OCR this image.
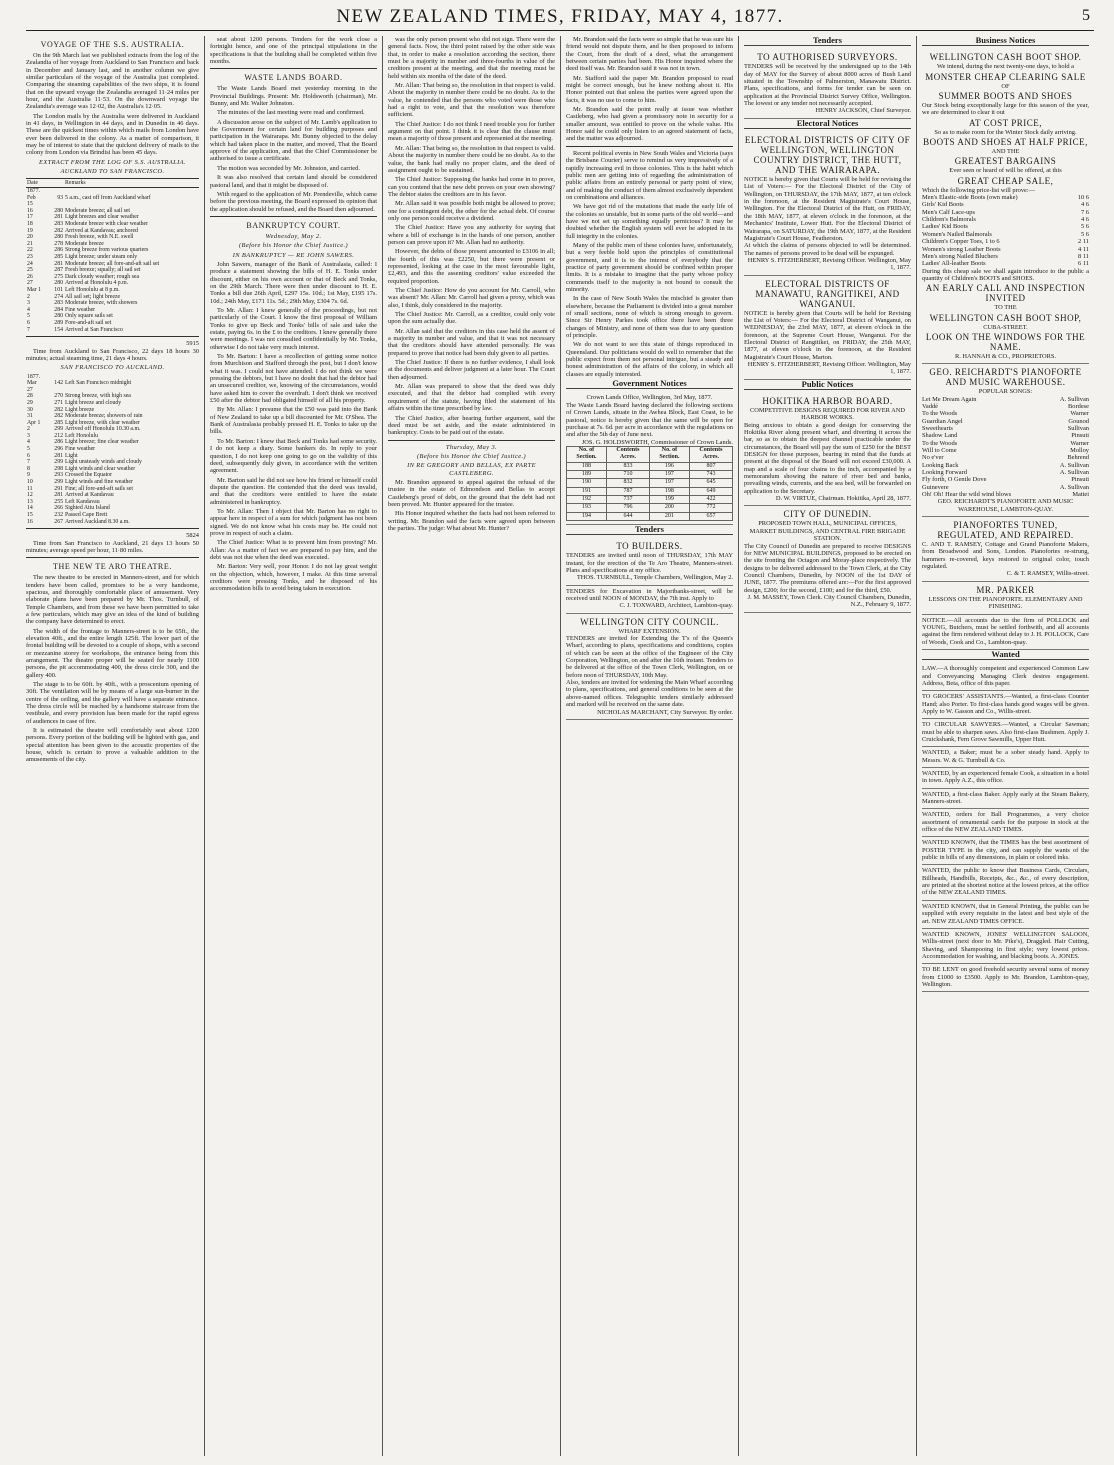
NEW ZEALAND TIMES, FRIDAY, MAY 4, 1877.	5
VOYAGE OF THE S.S. AUSTRALIA.

On the 9th March last we published extracts from the log of the Zealandia of her voyage from Auckland to San Francisco and back in December and January last, and in another column we give similar particulars of the voyage of the Australia just completed. Comparing the steaming capabilities of the two ships, it is found that on the upward voyage the Zealandia averaged 11·24 miles per hour, and the Australia 11·53. On the downward voyage the Zealandia's average was 12·02, the Australia's 12·05.

The London mails by the Australia were delivered in Auckland in 41 days, in Wellington in 44 days, and in Dunedin in 46 days. These are the quickest times within which mails from London have ever been delivered in the colony. As a matter of comparison, it may be of interest to state that the quickest delivery of mails to the colony from London via Brindisi has been 45 days.

EXTRACT FROM THE LOG OF S.S. AUSTRALIA.
AUCKLAND TO SAN FRANCISCO.
Date		Remarks
1877.		
Feb 15	93	5 a.m., cast off from Auckland wharf
16	280	Moderate breeze; all sail set
17	281	Light breezes and clear weather
18	283	Moderate breeze with clear weather
19	282	Arrived at Kandavau; anchored
20	280	Fresh breeze, with N.E. swell
21	278	Moderate breeze
22	286	Strong breeze from various quarters
23	285	Light breeze; under steam only
24	281	Moderate breeze; all fore-and-aft sail set
25	287	Fresh breeze; squally; all sail set
26	275	Dark cloudy weather; rough sea
27	280	Arrived at Honolulu 4 p.m.
Mar 1	101	Left Honolulu at 8 p.m.
2	274	All sail set; light breeze
3	283	Moderate breeze, with showers
4	284	Fine weather
5	280	Only square sails set
6	289	Fore-and-aft sail set
7	154	Arrived at San Francisco
5915

Time from Auckland to San Francisco, 22 days 18 hours 30 minutes; actual steaming time, 21 days 4 hours.

SAN FRANCISCO TO AUCKLAND.
1877.		
Mar 27	142	Left San Francisco midnight
28	270	Strong breeze, with high sea
29	271	Light breeze and cloudy
30	282	Light breeze
31	282	Moderate breeze; showers of rain
Apr 1	285	Light breeze, with clear weather
2	299	Arrived off Honolulu 10.30 a.m.
3	212	Left Honolulu
4	286	Light breeze; fine clear weather
5	296	Fine weather
6	281	Light
7	299	Light unsteady winds and cloudy
8	298	Light winds and clear weather
9	293	Crossed the Equator
10	299	Light winds and fine weather
11	291	Fine; all fore-and-aft sails set
12	281	Arrived at Kandavau
13	255	Left Kandavau
14	266	Sighted Atiu Island
15	232	Passed Cape Brett
16	267	Arrived Auckland 8.30 a.m.
5824

Time from San Francisco to Auckland, 21 days 13 hours 50 minutes; average speed per hour, 11·80 miles.

THE NEW TE ARO THEATRE.

The new theatre to be erected in Manners-street, and for which tenders have been called, promises to be a very handsome, spacious, and thoroughly comfortable place of amusement. Very elaborate plans have been prepared by Mr. Thos. Turnbull, of Temple Chambers, and from these we have been permitted to take a few particulars, which may give an idea of the kind of building the company have determined to erect.

The width of the frontage to Manners-street is to be 65ft., the elevation 40ft., and the entire length 125ft. The lower part of the frontal building will be devoted to a couple of shops, with a second or mezzanine storey for workshops, the entrance being from this arrangement. The theatre proper will be seated for nearly 1100 persons, the pit accommodating 400, the dress circle 300, and the gallery 400.

The stage is to be 60ft. by 40ft., with a proscenium opening of 30ft. The ventilation will be by means of a large sun-burner in the centre of the ceiling, and the gallery will have a separate entrance. The dress circle will be reached by a handsome staircase from the vestibule, and every provision has been made for the rapid egress of audiences in case of fire.

It is estimated the theatre will comfortably seat about 1200 persons. Every portion of the building will be lighted with gas, and special attention has been given to the acoustic properties of the house, which is certain to prove a valuable addition to the amusements of the city.

seat about 1200 persons. Tenders for the work close a fortnight hence, and one of the principal stipulations in the specifications is that the building shall be completed within five months.

WASTE LANDS BOARD.

The Waste Lands Board met yesterday morning in the Provincial Buildings. Present: Mr. Holdsworth (chairman), Mr. Bunny, and Mr. Walter Johnston.

The minutes of the last meeting were read and confirmed.

A discussion arose on the subject of Mr. Lamb's application to the Government for certain land for building purposes and participation in the Wairarapa. Mr. Bunny objected to the delay which had taken place in the matter, and moved, That the Board approve of the application, and that the Chief Commissioner be authorised to issue a certificate.

The motion was seconded by Mr. Johnston, and carried.

It was also resolved that certain land should be considered pastoral land, and that it might be disposed of.

With regard to the application of Mr. Prendeville, which came before the previous meeting, the Board expressed its opinion that the application should be refused, and the Board then adjourned.

BANKRUPTCY COURT.
Wednesday, May 2.
(Before his Honor the Chief Justice.)
IN BANKRUPTCY — RE JOHN SAWERS.

John Sawers, manager of the Bank of Australasia, called: I produce a statement showing the bills of H. E. Tonks under discount, either on his own account or that of Beck and Tonks, on the 29th March. There were then under discount to H. E. Tonks a bill due 26th April, £297 15s. 10d.; 1st May, £195 17s. 10d.; 24th May, £171 11s. 5d.; 29th May, £304 7s. 6d.

To Mr. Allan: I knew generally of the proceedings, but not particularly of the Court. I know the first proposal of William Tonks to give up Beck and Tonks' bills of sale and take the estate, paying 6s. in the £ to the creditors. I knew generally there were meetings. I was not consulted confidentially by Mr. Tonks, otherwise I do not take very much interest.

To Mr. Barton: I have a recollection of getting some notice from Murchison and Stafford through the post, but I don't know what it was. I could not have attended. I do not think we were pressing the debtors, but I have no doubt that had the debtor had an unsecured creditor, we, knowing of the circumstances, would have asked him to cover the overdraft. I don't think we received £50 after the debtor had obligated himself of all his property.

By Mr. Allan: I presume that the £50 was paid into the Bank of New Zealand to take up a bill discounted for Mr. O'Shea. The Bank of Australasia probably pressed H. E. Tonks to take up the bills.

To Mr. Barton: I knew that Beck and Tonks had some security. I do not keep a diary. Some bankers do. In reply to your question, I do not keep one going to go on the validity of this deed, subsequently duly given, in accordance with the written agreement.

Mr. Barton said he did not see how his friend or himself could dispute the question. He contended that the deed was invalid, and that the creditors were entitled to have the estate administered in bankruptcy.

To Mr. Allan: Then I object that Mr. Barton has no right to appear here in respect of a sum for which judgment has not been signed. We do not know what his costs may be. He could not prove in respect of such a claim.

The Chief Justice: What is to prevent him from proving? Mr. Allan: As a matter of fact we are prepared to pay him, and the debt was not due when the deed was executed.

Mr. Barton: Very well, your Honor. I do not lay great weight on the objection, which, however, I make. At this time several creditors were pressing Tonks, and he disposed of his accommodation bills to avoid being taken in execution.

was the only person present who did not sign. There were the general facts. Now, the third point raised by the other side was that, in order to make a resolution according the section, there must be a majority in number and three-fourths in value of the creditors present at the meeting, and that the meeting must be held within six months of the date of the deed.

Mr. Allan: That being so, the resolution in that respect is valid. About the majority in number there could be no doubt. As to the value, he contended that the persons who voted were those who had a right to vote, and that the resolution was therefore sufficient.

The Chief Justice: I do not think I need trouble you for further argument on that point. I think it is clear that the clause must mean a majority of those present and represented at the meeting.

Mr. Allan: That being so, the resolution in that respect is valid. About the majority in number there could be no doubt. As to the value, the bank had really no proper claim, and the deed of assignment ought to be sustained.

The Chief Justice: Supposing the banks had come in to prove, can you contend that the new debt proves on your own showing? The debtor states the creditors are in his favor.

Mr. Allan said it was possible both might be allowed to prove; one for a contingent debt, the other for the actual debt. Of course only one person could receive a dividend.

The Chief Justice: Have you any authority for saying that where a bill of exchange is in the hands of one person, another person can prove upon it? Mr. Allan had no authority.

However, the debts of those present amounted to £3106 in all; the fourth of this was £2250, but there were present or represented, looking at the case in the most favourable light, £2,493, and this the assenting creditors' value exceeded the required proportion.

The Chief Justice: How do you account for Mr. Carroll, who was absent? Mr. Allan: Mr. Carroll had given a proxy, which was also, I think, duly considered in the majority.

The Chief Justice: Mr. Carroll, as a creditor, could only vote upon the sum actually due.

Mr. Allan said that the creditors in this case held the assent of a majority in number and value, and that it was not necessary that the creditors should have attended personally. He was prepared to prove that notice had been duly given to all parties.

The Chief Justice: If there is no further evidence, I shall look at the documents and deliver judgment at a later hour. The Court then adjourned.

Mr. Allan was prepared to show that the deed was duly executed, and that the debtor had complied with every requirement of the statute, having filed the statement of his affairs within the time prescribed by law.

The Chief Justice, after hearing further argument, said the deed must be set aside, and the estate administered in bankruptcy. Costs to be paid out of the estate.

Thursday, May 3.
(Before his Honor the Chief Justice.)
IN RE GREGORY AND BELLAS, EX PARTE CASTLEBERG.

Mr. Brandon appeared to appeal against the refusal of the trustee in the estate of Edmondson and Bellas to accept Castleberg's proof of debt, on the ground that the debt had not been proved. Mr. Hunter appeared for the trustee.

His Honor inquired whether the facts had not been referred to writing. Mr. Brandon said the facts were agreed upon between the parties. The judge: What about Mr. Hunter?

Mr. Brandon said the facts were so simple that he was sure his friend would not dispute them, and he then proposed to inform the Court, from the draft of a deed, what the arrangement between certain parties had been. His Honor inquired where the deed itself was. Mr. Brandon said it was not in town.

Mr. Stafford said the paper Mr. Brandon proposed to read might be correct enough, but he knew nothing about it. His Honor pointed out that unless the parties were agreed upon the facts, it was no use to come to him.

Mr. Brandon said the point really at issue was whether Castleberg, who had given a promissory note in security for a smaller amount, was entitled to prove on the whole value. His Honor said he could only listen to an agreed statement of facts, and the matter was adjourned.

Recent political events in New South Wales and Victoria (says the Brisbane Courier) serve to remind us very impressively of a rapidly increasing evil in those colonies. This is the habit which public men are getting into of regarding the administration of public affairs from an entirely personal or party point of view, and of making the conduct of them almost exclusively dependent on combinations and alliances.

We have got rid of the mutations that made the early life of the colonies so unstable, but in some parts of the old world—and have we not set up something equally pernicious? It may be doubted whether the English system will ever be adopted in its full integrity in the colonies.

Many of the public men of these colonies have, unfortunately, but a very feeble hold upon the principles of constitutional government, and it is to the interest of everybody that the practice of party government should be confined within proper limits. It is a mistake to imagine that the party whose policy commends itself to the majority is not bound to consult the minority.

In the case of New South Wales the mischief is greater than elsewhere, because the Parliament is divided into a great number of small sections, none of which is strong enough to govern. Since Sir Henry Parkes took office there have been three changes of Ministry, and none of them was due to any question of principle.

We do not want to see this state of things reproduced in Queensland. Our politicians would do well to remember that the public expect from them not personal intrigue, but a steady and honest administration of the affairs of the colony, in which all classes are equally interested.

Government Notices
Crown Lands Office, Wellington, 3rd May, 1877.
The Waste Lands Board having declared the following sections of Crown Lands, situate in the Awhea Block, East Coast, to be pastoral, notice is hereby given that the same will be open for purchase at 7s. 6d. per acre in accordance with the regulations on and after the 5th day of June next.
JOS. G. HOLDSWORTH, Commissioner of Crown Lands.
No. of Section.	Contents Acres.	No. of Section.	Contents Acres.
188	833	196	807
189	710	197	743
190	832	197	645
191	787	198	649
192	737	199	422
193	796	200	772
194	644	201	657
Tenders
TO BUILDERS.
TENDERS are invited until noon of THURSDAY, 17th MAY instant, for the erection of the Te Aro Theatre, Manners-street. Plans and specifications at my office.
THOS. TURNBULL, Temple Chambers, Wellington, May 2.
TENDERS for Excavation in Majoribanks-street, will be received until NOON of MONDAY, the 7th inst. Apply to
C. J. TOXWARD, Architect, Lambton-quay.
WELLINGTON CITY COUNCIL.
WHARF EXTENSION.
TENDERS are invited for Extending the T's of the Queen's Wharf, according to plans, specifications and conditions, copies of which can be seen at the office of the Engineer of the City Corporation, Wellington, on and after the 16th instant. Tenders to be delivered at the office of the Town Clerk, Wellington, on or before noon of THURSDAY, 10th May.
Also, tenders are invited for widening the Main Wharf according to plans, specifications, and general conditions to be seen at the above-named offices. Telegraphic tenders similarly addressed and marked will be received on the same date.
NICHOLAS MARCHANT, City Surveyor. By order.
Tenders
TO AUTHORISED SURVEYORS.
TENDERS will be received by the undersigned up to the 14th day of MAY for the Survey of about 8000 acres of Bush Land situated in the Township of Palmerston, Manawatu District. Plans, specifications, and forms for tender can be seen on application at the Provincial District Survey Office, Wellington. The lowest or any tender not necessarily accepted.
HENRY JACKSON, Chief Surveyor.
Electoral Notices
ELECTORAL DISTRICTS OF CITY OF WELLINGTON, WELLINGTON COUNTRY DISTRICT, THE HUTT, AND THE WAIRARAPA.
NOTICE is hereby given that Courts will be held for revising the List of Voters:— For the Electoral District of the City of Wellington, on THURSDAY, the 17th MAY, 1877, at ten o'clock in the forenoon, at the Resident Magistrate's Court House, Wellington. For the Electoral District of the Hutt, on FRIDAY, the 18th MAY, 1877, at eleven o'clock in the forenoon, at the Mechanics' Institute, Lower Hutt. For the Electoral District of Wairarapa, on SATURDAY, the 19th MAY, 1877, at the Resident Magistrate's Court House, Featherston.
At which the claims of persons objected to will be determined. The names of persons proved to be dead will be expunged.
HENRY S. FITZHERBERT, Revising Officer. Wellington, May 1, 1877.
ELECTORAL DISTRICTS OF MANAWATU, RANGITIKEI, AND WANGANUI.
NOTICE is hereby given that Courts will be held for Revising the List of Voters:— For the Electoral District of Wanganui, on WEDNESDAY, the 23rd MAY, 1877, at eleven o'clock in the forenoon, at the Supreme Court House, Wanganui. For the Electoral District of Rangitikei, on FRIDAY, the 25th MAY, 1877, at eleven o'clock in the forenoon, at the Resident Magistrate's Court House, Marton.
HENRY S. FITZHERBERT, Revising Officer. Wellington, May 1, 1877.
Public Notices
HOKITIKA HARBOR BOARD.
COMPETITIVE DESIGNS REQUIRED FOR RIVER AND HARBOR WORKS.
Being anxious to obtain a good design for conserving the Hokitika River along present wharf, and diverting it across the bar, so as to obtain the deepest channel practicable under the circumstances, the Board will pay the sum of £250 for the BEST DESIGN for those purposes, bearing in mind that the funds at present at the disposal of the Board will not exceed £30,000. A map and a scale of four chains to the inch, accompanied by a memorandum showing the nature of river bed and banks, prevailing winds, currents, and the sea bed, will be forwarded on application to the Secretary.
D. W. VIRTUE, Chairman. Hokitika, April 28, 1877.
CITY OF DUNEDIN.
PROPOSED TOWN HALL, MUNICIPAL OFFICES, MARKET BUILDINGS, AND CENTRAL FIRE BRIGADE STATION.
The City Council of Dunedin are prepared to receive DESIGNS for NEW MUNICIPAL BUILDINGS, proposed to be erected on the site fronting the Octagon and Moray-place respectively. The designs to be delivered addressed to the Town Clerk, at the City Council Chambers, Dunedin, by NOON of the 1st DAY of JUNE, 1877. The premiums offered are:—For the first approved design, £200; for the second, £100; and for the third, £50.
J. M. MASSEY, Town Clerk. City Council Chambers, Dunedin, N.Z., February 9, 1877.
Business Notices
WELLINGTON CASH BOOT SHOP.
We intend, during the next twenty-one days, to hold a
MONSTER CHEAP CLEARING SALE
OF
SUMMER BOOTS AND SHOES
Our Stock being exceptionally large for this season of the year, we are determined to clear it out
AT COST PRICE,
So as to make room for the Winter Stock daily arriving.
BOOTS AND SHOES AT HALF PRICE,
AND THE
GREATEST BARGAINS
Ever seen or heard of will be offered, at this
GREAT CHEAP SALE,
Which the following price-list will prove:—
Men's Elastic-side Boots (own make)	10 6
Girls' Kid Boots	4 6
Men's Calf Lace-ups	7 6
Children's Balmorals	4 6
Ladies' Kid Boots	5 6
Women's Nailed Balmorals	5 6
Children's Copper Toes, 1 to 6	2 11
Women's strong Leather Boots	4 11
Men's strong Nailed Bluchers	8 11
Ladies' All-leather Boots	6 11
During this cheap sale we shall again introduce to the public a quantity of Children's BOOTS and SHOES.
AN EARLY CALL AND INSPECTION INVITED
TO THE
WELLINGTON CASH BOOT SHOP,
CUBA-STREET.
LOOK ON THE WINDOWS FOR THE NAME.
R. HANNAH & CO., PROPRIETORS.
GEO. REICHARDT'S PIANOFORTE AND MUSIC WAREHOUSE.
POPULAR SONGS:
Let Me Dream Again	A. Sullivan
Vaddé	Bordese
To the Woods	Warner
Guardian Angel	Gounod
Sweethearts	Sullivan
Shadow Land	Pinsuti
To the Woods	Warner
Will to Come	Molloy
No e'ver	Behrend
Looking Back	A. Sullivan
Looking Forward	A. Sullivan
Fly forth, O Gentle Dove	Pinsuti
Guinevere	A. Sullivan
Oh! Oh! Hear the wild wind blows	Mattei
GEO. REICHARDT'S PIANOFORTE AND MUSIC WAREHOUSE, LAMBTON-QUAY.
PIANOFORTES TUNED, REGULATED, AND REPAIRED.
C. AND T. RAMSEY, Cottage and Grand Pianoforte Makers, from Broadwood and Sons, London. Pianofortes re-strung, hammers re-covered, keys restored to original color, touch regulated.
C. & T. RAMSEY, Willis-street.
MR. PARKER
LESSONS ON THE PIANOFORTE. ELEMENTARY AND FINISHING.
NOTICE.—All accounts due to the firm of POLLOCK and YOUNG, Butchers, must be settled forthwith, and all accounts against the firm rendered without delay to J. H. POLLOCK, Care of Woods, Cook and Co., Lambton-quay.
Wanted
LAW.—A thoroughly competent and experienced Common Law and Conveyancing Managing Clerk desires engagement. Address, Beta, office of this paper.
TO GROCERS' ASSISTANTS.—Wanted, a first-class Counter Hand; also Porter. To first-class hands good wages will be given. Apply to W. Gasson and Co., Willis-street.
TO CIRCULAR SAWYERS.—Wanted, a Circular Sawman; must be able to sharpen saws. Also first-class Bushmen. Apply J. Cruickshank, Fern Grove Sawmills, Upper Hutt.
WANTED, a Baker; must be a sober steady hand. Apply to Messrs. W. & G. Turnbull & Co.
WANTED, by an experienced female Cook, a situation in a hotel in town. Apply A.Z., this office.
WANTED, a first-class Baker. Apply early at the Steam Bakery, Manners-street.
WANTED, orders for Ball Programmes, a very choice assortment of ornamental cards for the purpose in stock at the office of the NEW ZEALAND TIMES.
WANTED KNOWN, that the TIMES has the best assortment of POSTER TYPE in the city, and can supply the wants of the public in bills of any dimensions, in plain or colored inks.
WANTED, the public to know that Business Cards, Circulars, Billheads, Handbills, Receipts, &c., &c., of every description, are printed at the shortest notice at the lowest prices, at the office of the NEW ZEALAND TIMES.
WANTED KNOWN, that in General Printing, the public can be supplied with every requisite in the latest and best style of the art. NEW ZEALAND TIMES OFFICE.
WANTED KNOWN, JONES' WELLINGTON SALOON, Willis-street (next door to Mr. Pike's), Draggled. Hair Cutting, Shaving, and Shampooing in first style; very lowest prices. Accommodation for washing, and blacking boots. A. JONES.
TO BE LENT on good freehold security several sums of money from £1000 to £3500. Apply to Mr. Brandon, Lambton-quay, Wellington.
